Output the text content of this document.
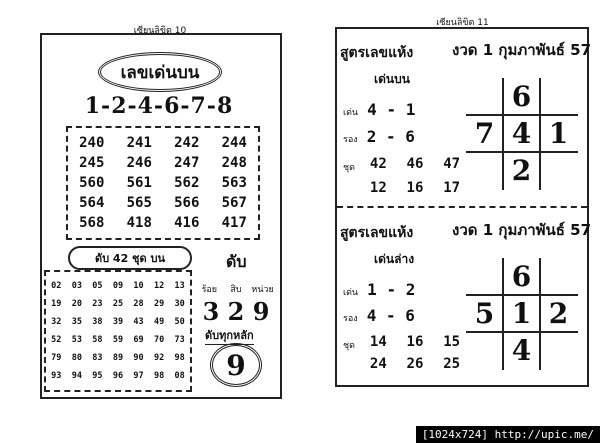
เซียนลิขิต 10
เลขเด่นบน
1-2-4-6-7-8
240 241 242 244
245 246 247 248
560 561 562 563
564 565 566 567
568 418 416 417
ดับ 42 ชุด บน
02 03 05 09 10 12 13
19 20 23 25 28 29 30
32 35 38 39 43 49 50
52 53 58 59 69 70 73
79 80 83 89 90 92 98
93 94 95 96 97 98 08
ดับ
ร้อย	สิบ	หน่วย
3 2 9
ดับทุกหลัก
9
เซียนลิขิต 11
สูตรเลขแห้ง	งวด 1 กุมภาพันธ์ 57
เด่นบน
เด่น 4 - 1
รอง 2 - 6
ชุด 42 46 47
12 16 17
6
7 4 1
2
สูตรเลขแห้ง	งวด 1 กุมภาพันธ์ 57
เด่นล่าง
เด่น 1 - 2
รอง 4 - 6
ชุด 14 16 15
24 26 25
6
5 1 2
4
[1024x724] http://upic.me/
